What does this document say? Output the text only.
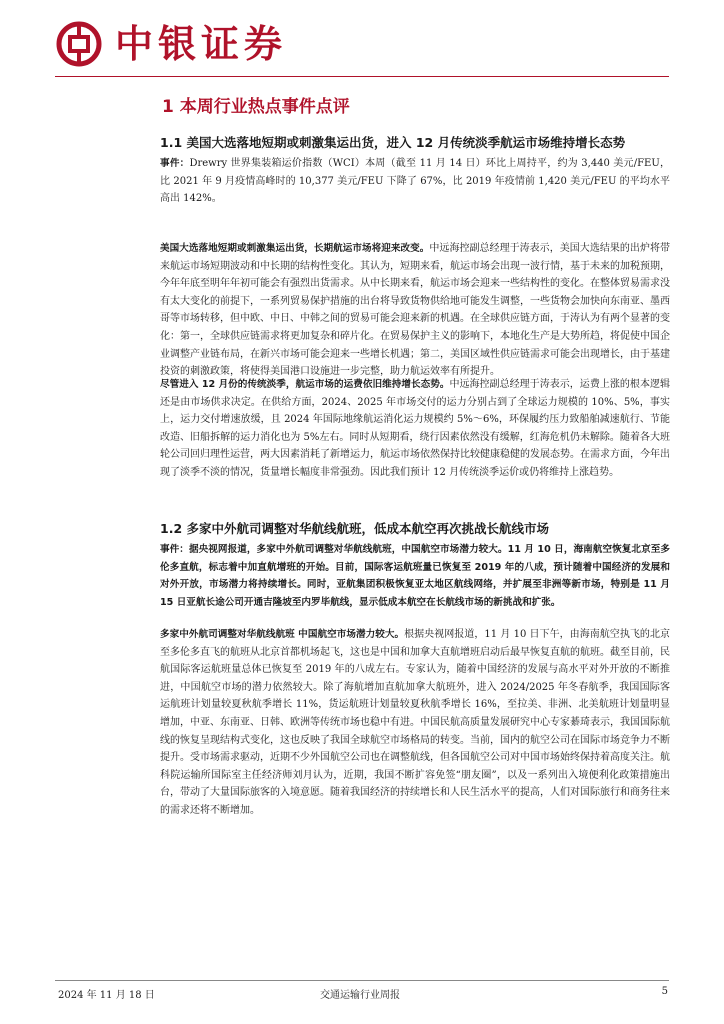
中银证券
1 本周行业热点事件点评
1.1 美国大选落地短期或刺激集运出货，进入 12 月传统淡季航运市场维持增长态势
事件：Drewry 世界集装箱运价指数（WCI）本周（截至 11 月 14 日）环比上周持平，约为 3,440 美元/FEU，比 2021 年 9 月疫情高峰时的 10,377 美元/FEU 下降了 67%，比 2019 年疫情前 1,420 美元/FEU 的平均水平高出 142%。
美国大选落地短期或刺激集运出货，长期航运市场将迎来改变。中远海控副总经理于涛表示，美国大选结果的出炉将带来航运市场短期波动和中长期的结构性变化。其认为，短期来看，航运市场会出现一波行情，基于未来的加税预期，今年年底至明年年初可能会有强烈出货需求。从中长期来看，航运市场会迎来一些结构性的变化。在整体贸易需求没有太大变化的前提下，一系列贸易保护措施的出台将导致货物供给地可能发生调整，一些货物会加快向东南亚、墨西哥等市场转移，但中欧、中日、中韩之间的贸易可能会迎来新的机遇。在全球供应链方面，于涛认为有两个显著的变化：第一，全球供应链需求将更加复杂和碎片化。在贸易保护主义的影响下，本地化生产是大势所趋，将促使中国企业调整产业链布局，在新兴市场可能会迎来一些增长机遇；第二，美国区域性供应链需求可能会出现增长，由于基建投资的刺激政策，将使得美国港口设施进一步完整，助力航运效率有所提升。
尽管进入 12 月份的传统淡季，航运市场的运费依旧维持增长态势。中远海控副总经理于涛表示，运费上涨的根本逻辑还是由市场供求决定。在供给方面，2024、2025 年市场交付的运力分别占到了全球运力规模的 10%、5%，事实上，运力交付增速放缓，且 2024 年国际地缘航运消化运力规模约 5%～6%，环保履约压力致船舶减速航行、节能改造、旧船拆解的运力消化也为 5%左右。同时从短期看，绕行因素依然没有缓解，红海危机仍未解除。随着各大班轮公司回归理性运营，两大因素消耗了新增运力，航运市场依然保持比较健康稳健的发展态势。在需求方面，今年出现了淡季不淡的情况，货量增长幅度非常强劲。因此我们预计 12 月传统淡季运价或仍将维持上涨趋势。
1.2 多家中外航司调整对华航线航班，低成本航空再次挑战长航线市场
事件：据央视网报道，多家中外航司调整对华航线航班，中国航空市场潜力较大。11 月 10 日，海南航空恢复北京至多伦多直航，标志着中加直航增班的开始。目前，国际客运航班量已恢复至 2019 年的八成，预计随着中国经济的发展和对外开放，市场潜力将持续增长。同时，亚航集团积极恢复亚太地区航线网络，并扩展至非洲等新市场，特别是 11 月 15 日亚航长途公司开通吉隆坡至内罗毕航线，显示低成本航空在长航线市场的新挑战和扩张。
多家中外航司调整对华航线航班 中国航空市场潜力较大。根据央视网报道，11 月 10 日下午，由海南航空执飞的北京至多伦多直飞的航班从北京首都机场起飞，这也是中国和加拿大直航增班启动后最早恢复直航的航班。截至目前，民航国际客运航班量总体已恢复至 2019 年的八成左右。专家认为，随着中国经济的发展与高水平对外开放的不断推进，中国航空市场的潜力依然较大。除了海航增加直航加拿大航班外，进入 2024/2025 年冬春航季，我国国际客运航班计划量较夏秋航季增长 11%，货运航班计划量较夏秋航季增长 16%，至拉美、非洲、北美航班计划量明显增加，中亚、东南亚、日韩、欧洲等传统市场也稳中有进。中国民航高质量发展研究中心专家綦琦表示，我国国际航线的恢复呈现结构式变化，这也反映了我国全球航空市场格局的转变。当前，国内的航空公司在国际市场竞争力不断提升。受市场需求驱动，近期不少外国航空公司也在调整航线，但各国航空公司对中国市场始终保持着高度关注。航科院运输所国际室主任经济师刘月认为，近期，我国不断扩容免签“朋友圈”，以及一系列出入境便利化政策措施出台，带动了大量国际旅客的入境意愿。随着我国经济的持续增长和人民生活水平的提高，人们对国际旅行和商务往来的需求还将不断增加。
2024 年 11 月 18 日	交通运输行业周报	5
